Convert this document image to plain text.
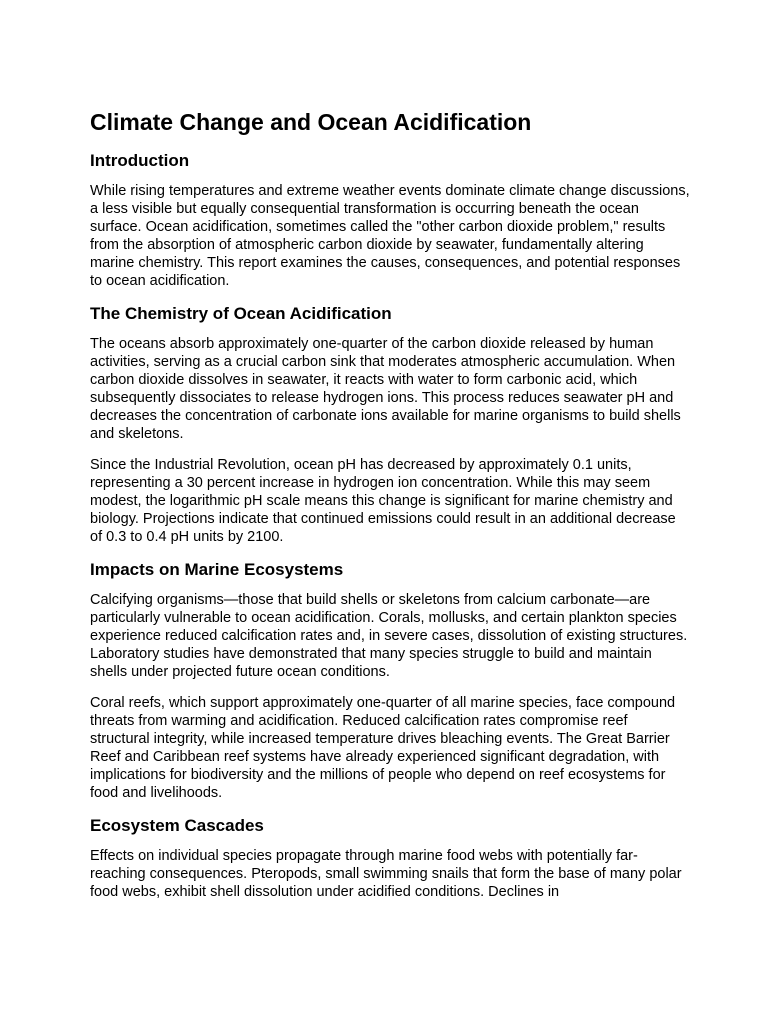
Climate Change and Ocean Acidification
Introduction

While rising temperatures and extreme weather events dominate climate change discussions, a less visible but equally consequential transformation is occurring beneath the ocean surface. Ocean acidification, sometimes called the "other carbon dioxide problem," results from the absorption of atmospheric carbon dioxide by seawater, fundamentally altering marine chemistry. This report examines the causes, consequences, and potential responses to ocean acidification.

The Chemistry of Ocean Acidification

The oceans absorb approximately one-quarter of the carbon dioxide released by human activities, serving as a crucial carbon sink that moderates atmospheric accumulation. When carbon dioxide dissolves in seawater, it reacts with water to form carbonic acid, which subsequently dissociates to release hydrogen ions. This process reduces seawater pH and decreases the concentration of carbonate ions available for marine organisms to build shells and skeletons.

Since the Industrial Revolution, ocean pH has decreased by approximately 0.1 units, representing a 30 percent increase in hydrogen ion concentration. While this may seem modest, the logarithmic pH scale means this change is significant for marine chemistry and biology. Projections indicate that continued emissions could result in an additional decrease of 0.3 to 0.4 pH units by 2100.

Impacts on Marine Ecosystems

Calcifying organisms—those that build shells or skeletons from calcium carbonate—are particularly vulnerable to ocean acidification. Corals, mollusks, and certain plankton species experience reduced calcification rates and, in severe cases, dissolution of existing structures. Laboratory studies have demonstrated that many species struggle to build and maintain shells under projected future ocean conditions.

Coral reefs, which support approximately one-quarter of all marine species, face compound threats from warming and acidification. Reduced calcification rates compromise reef structural integrity, while increased temperature drives bleaching events. The Great Barrier Reef and Caribbean reef systems have already experienced significant degradation, with implications for biodiversity and the millions of people who depend on reef ecosystems for food and livelihoods.

Ecosystem Cascades

Effects on individual species propagate through marine food webs with potentially far-reaching consequences. Pteropods, small swimming snails that form the base of many polar food webs, exhibit shell dissolution under acidified conditions. Declines in
